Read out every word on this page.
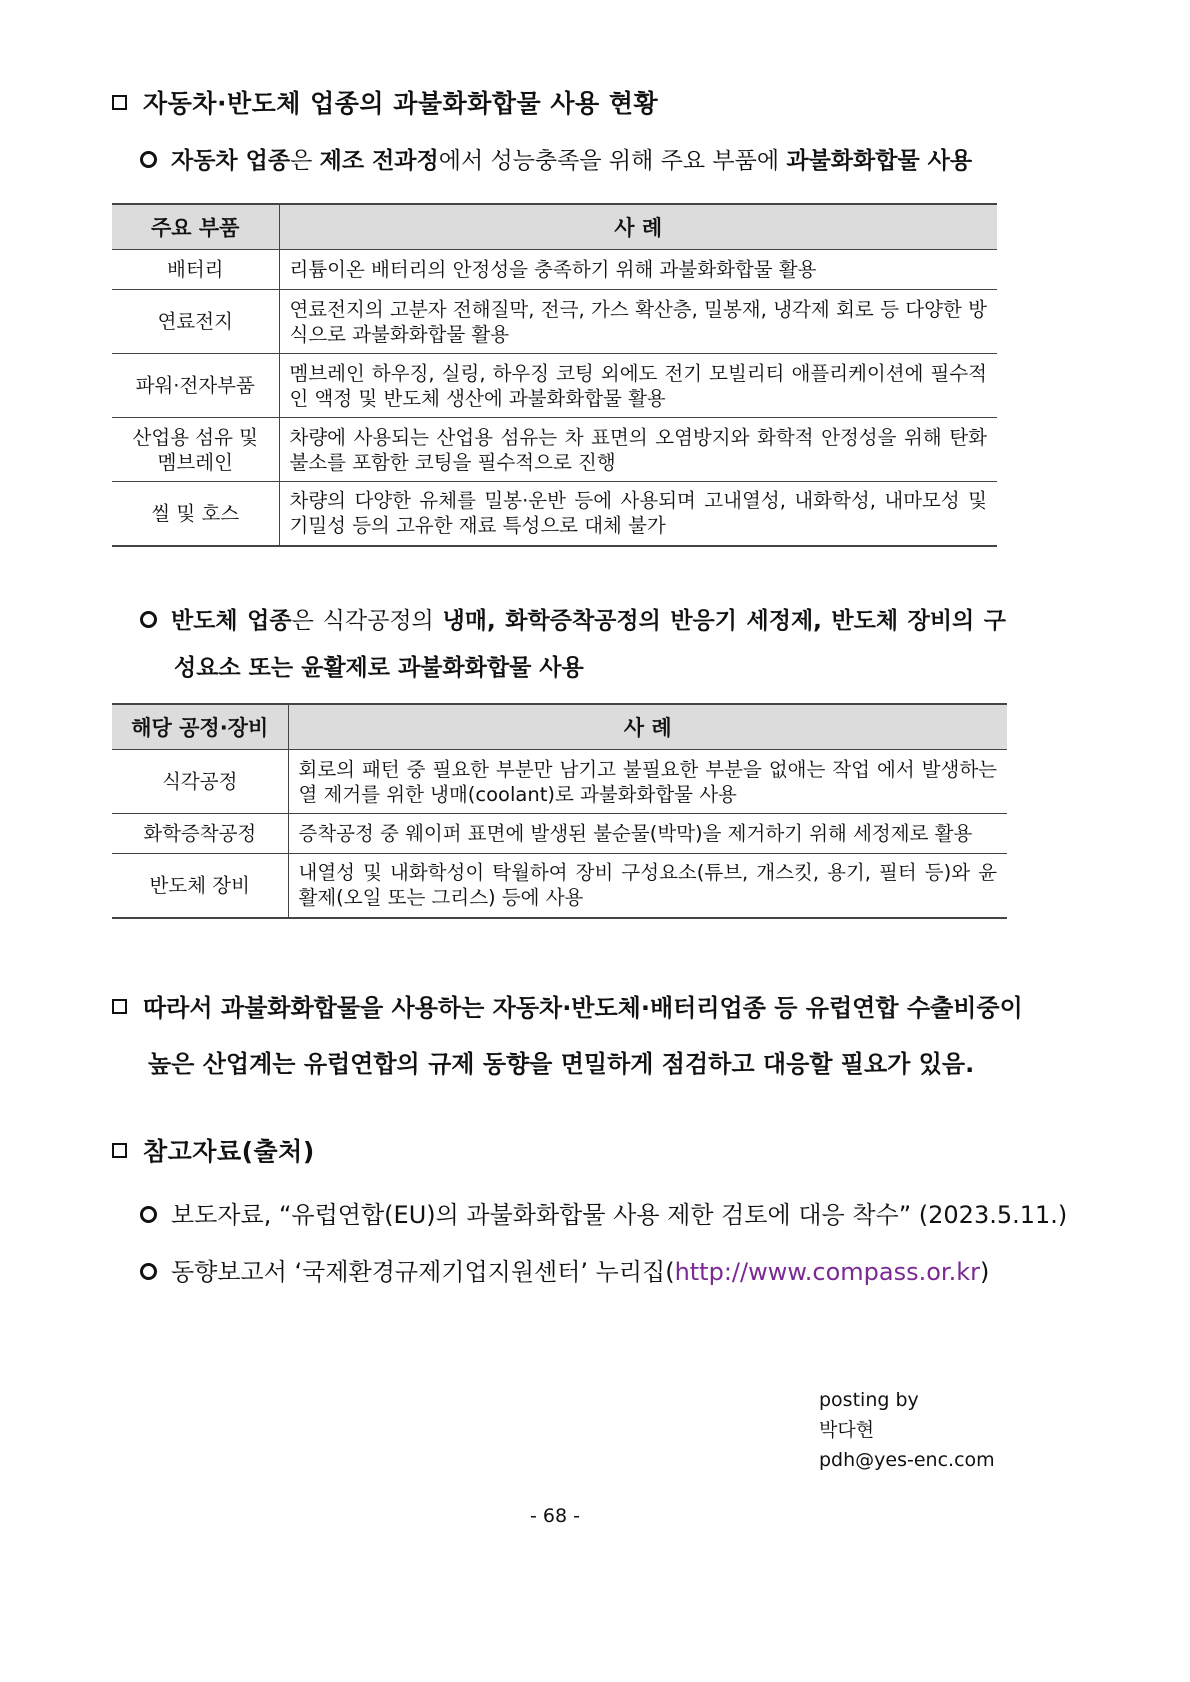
자동차·반도체 업종의 과불화화합물 사용 현황
자동차 업종은 제조 전과정에서 성능충족을 위해 주요 부품에 과불화화합물 사용
주요 부품	사 례
배터리	리튬이온 배터리의 안정성을 충족하기 위해 과불화화합물 활용
연료전지	연료전지의 고분자 전해질막, 전극, 가스 확산층, 밀봉재, 냉각제 회로 등 다양한 방식으로 과불화화합물 활용
파워·전자부품	멤브레인 하우징, 실링, 하우징 코팅 외에도 전기 모빌리티 애플리케이션에 필수적인 액정 및 반도체 생산에 과불화화합물 활용
산업용 섬유 및 멤브레인	차량에 사용되는 산업용 섬유는 차 표면의 오염방지와 화학적 안정성을 위해 탄화불소를 포함한 코팅을 필수적으로 진행
씰 및 호스	차량의 다양한 유체를 밀봉·운반 등에 사용되며 고내열성, 내화학성, 내마모성 및 기밀성 등의 고유한 재료 특성으로 대체 불가
반도체 업종은 식각공정의 냉매, 화학증착공정의 반응기 세정제, 반도체 장비의 구성요소 또는 윤활제로 과불화화합물 사용
해당 공정·장비	사 례
식각공정	회로의 패턴 중 필요한 부분만 남기고 불필요한 부분을 없애는 작업 에서 발생하는 열 제거를 위한 냉매(coolant)로 과불화화합물 사용
화학증착공정	증착공정 중 웨이퍼 표면에 발생된 불순물(박막)을 제거하기 위해 세정제로 활용
반도체 장비	내열성 및 내화학성이 탁월하여 장비 구성요소(튜브, 개스킷, 용기, 필터 등)와 윤활제(오일 또는 그리스) 등에 사용
따라서 과불화화합물을 사용하는 자동차·반도체·배터리업종 등 유럽연합 수출비중이
높은 산업계는 유럽연합의 규제 동향을 면밀하게 점검하고 대응할 필요가 있음.
참고자료(출처)
보도자료, “유럽연합(EU)의 과불화화합물 사용 제한 검토에 대응 착수” (2023.5.11.)
동향보고서 ‘국제환경규제기업지원센터’ 누리집(http://www.compass.or.kr)
posting by
박다현
pdh@yes-enc.com
- 68 -
